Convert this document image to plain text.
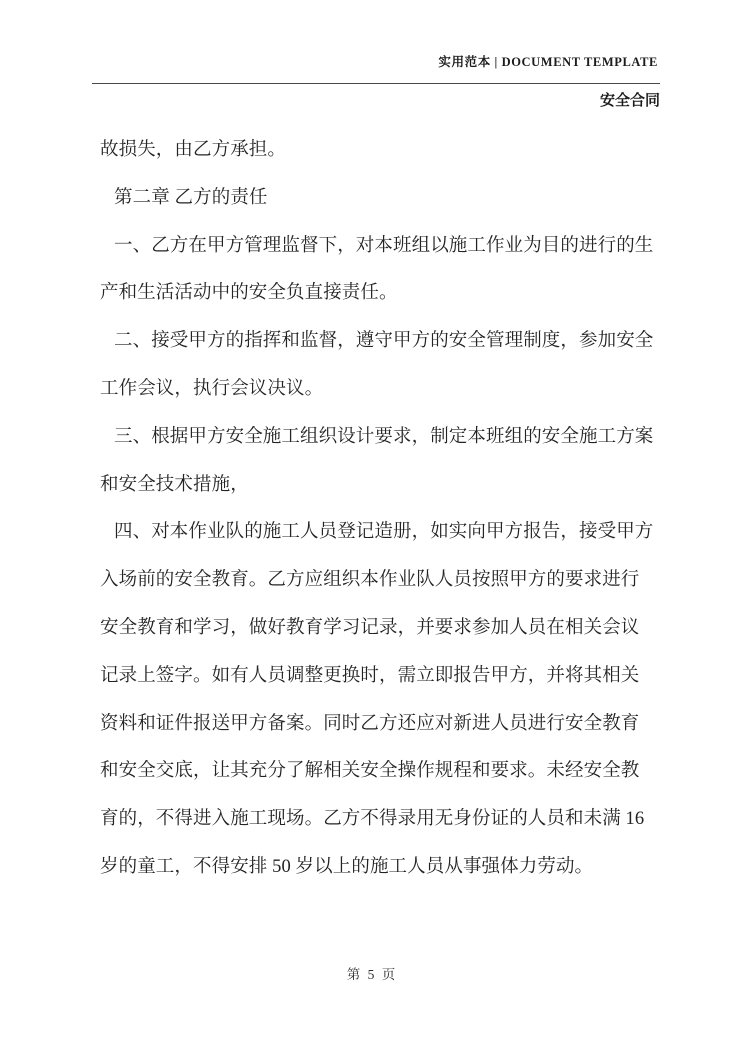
实用范本 | DOCUMENT TEMPLATE
安全合同
故损失，由乙方承担。
第二章 乙方的责任
一、乙方在甲方管理监督下，对本班组以施工作业为目的进行的生
产和生活活动中的安全负直接责任。
二、接受甲方的指挥和监督，遵守甲方的安全管理制度，参加安全
工作会议，执行会议决议。
三、根据甲方安全施工组织设计要求，制定本班组的安全施工方案
和安全技术措施，
四、对本作业队的施工人员登记造册，如实向甲方报告，接受甲方
入场前的安全教育。乙方应组织本作业队人员按照甲方的要求进行
安全教育和学习，做好教育学习记录，并要求参加人员在相关会议
记录上签字。如有人员调整更换时，需立即报告甲方，并将其相关
资料和证件报送甲方备案。同时乙方还应对新进人员进行安全教育
和安全交底，让其充分了解相关安全操作规程和要求。未经安全教
育的，不得进入施工现场。乙方不得录用无身份证的人员和未满 16
岁的童工，不得安排 50 岁以上的施工人员从事强体力劳动。
第 5 页
